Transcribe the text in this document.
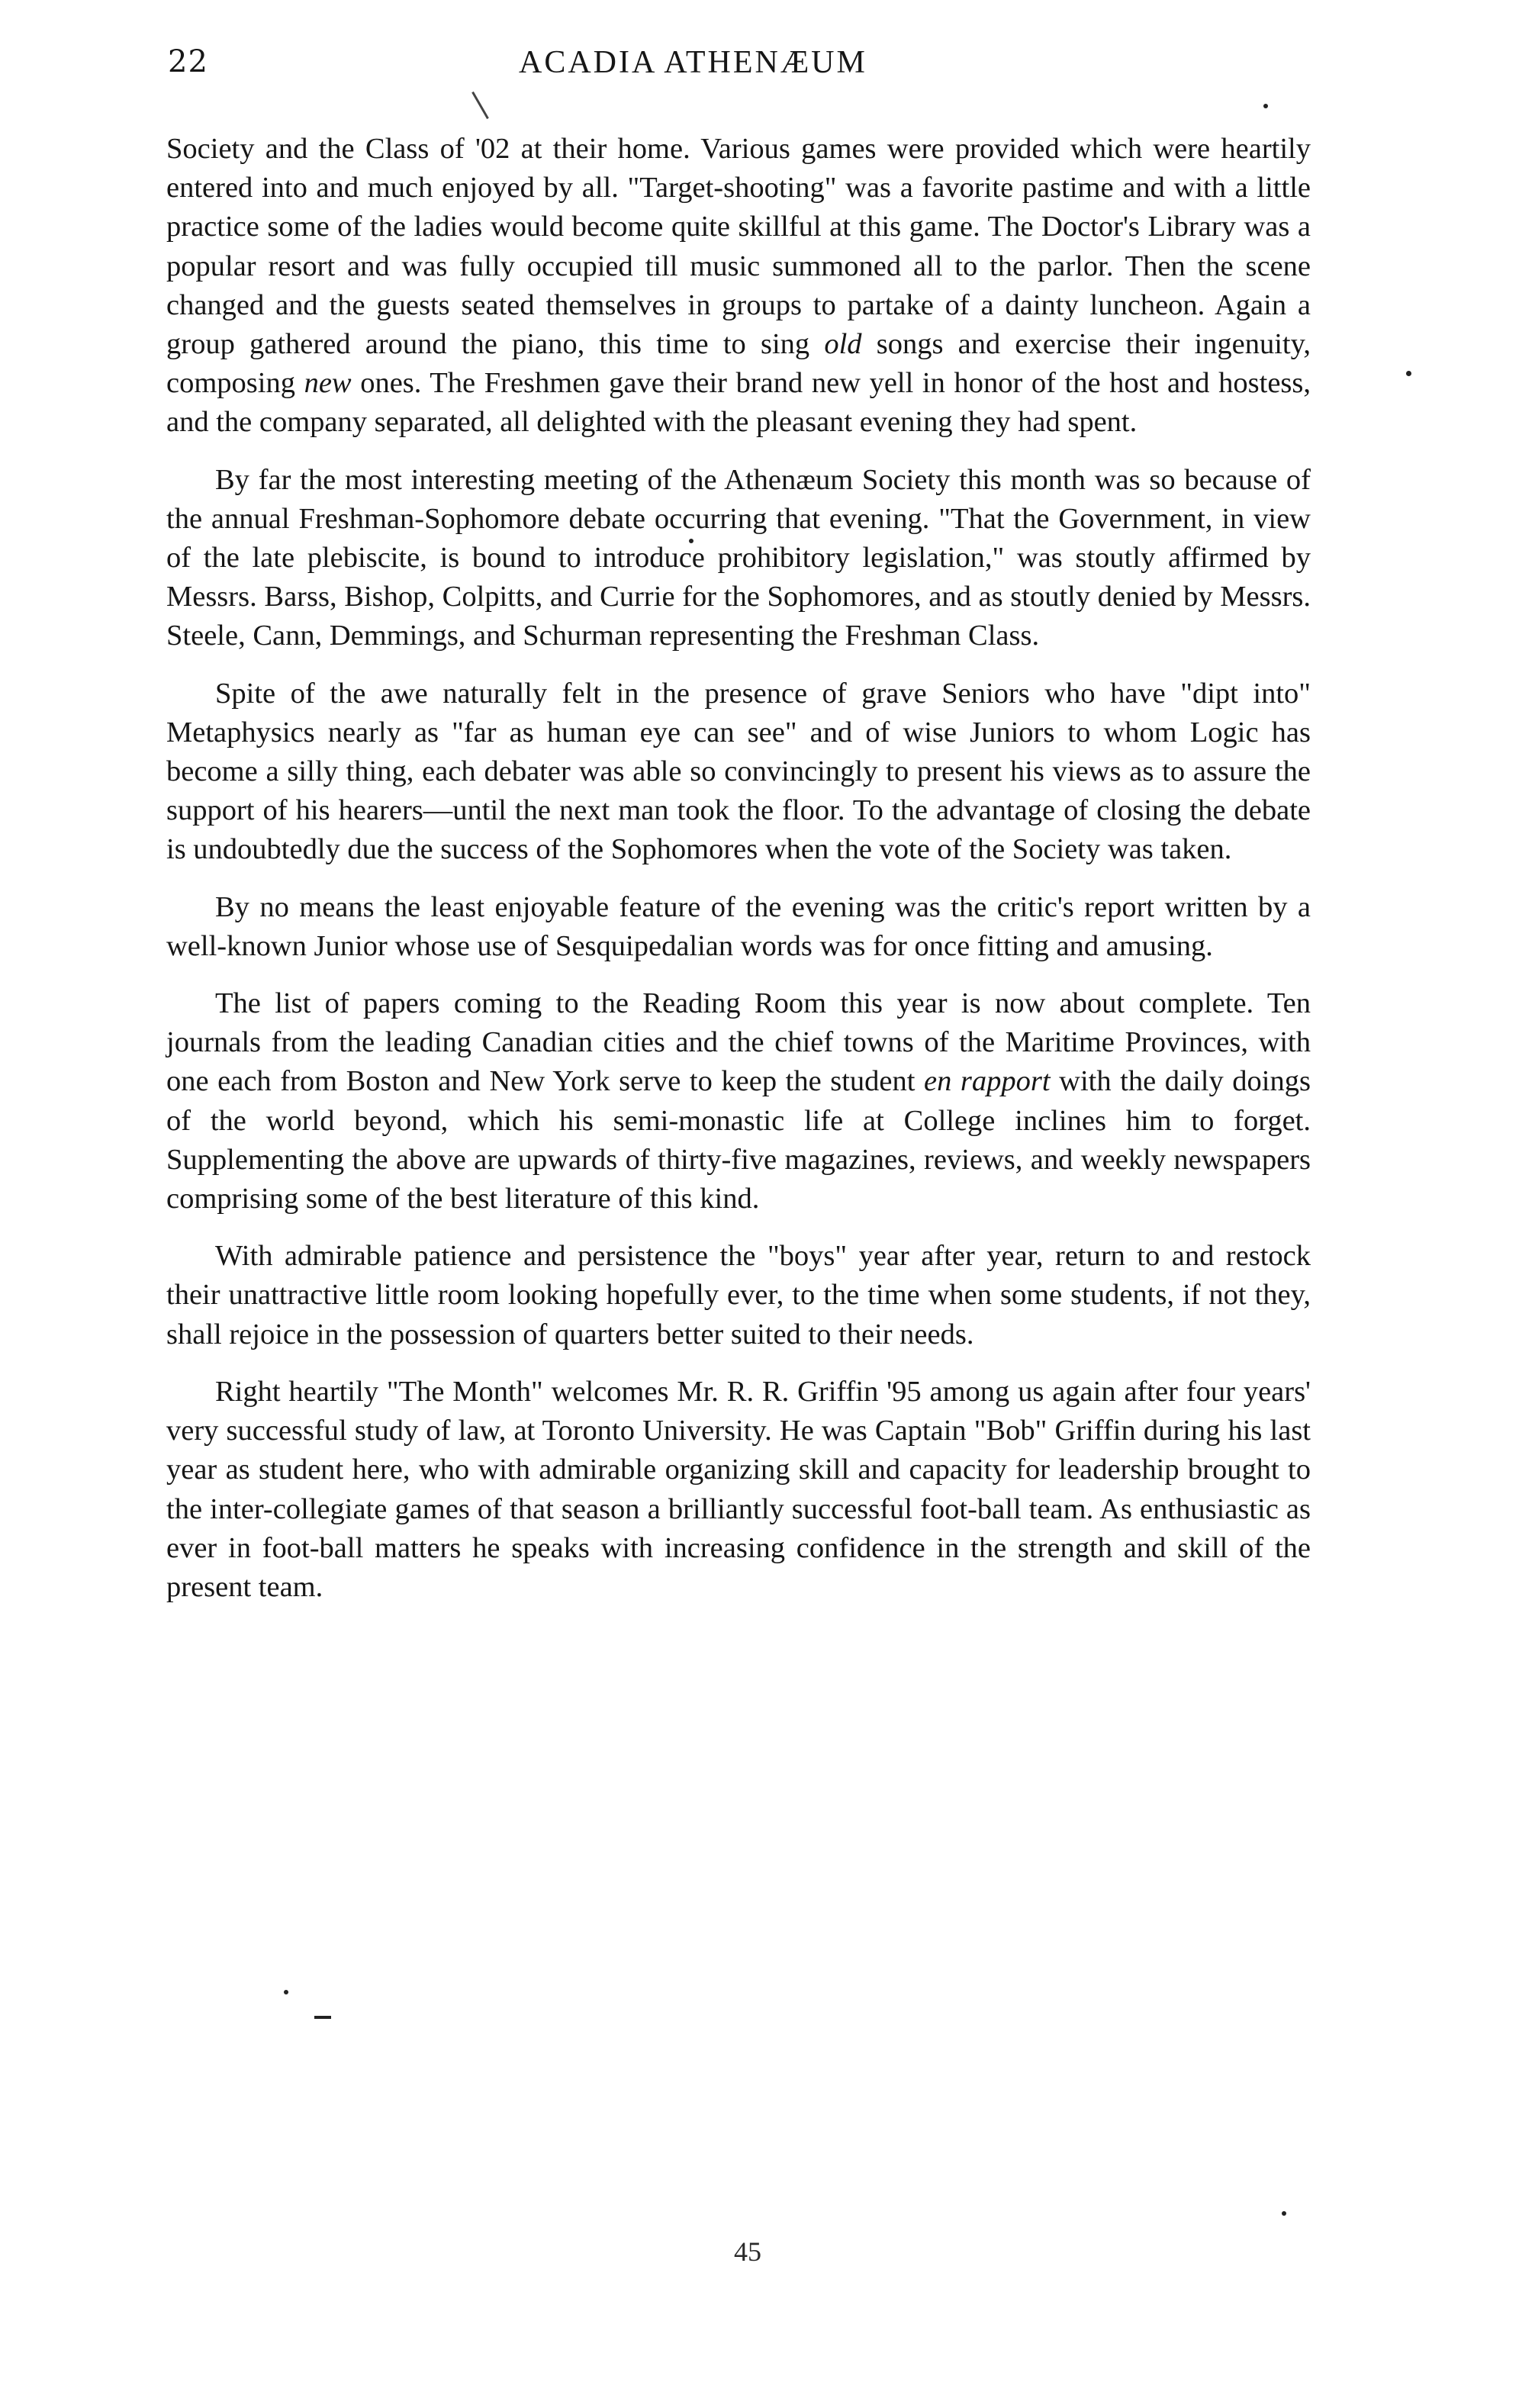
22	ACADIA ATHENÆUM

Society and the Class of '02 at their home. Various games were provided which were heartily entered into and much enjoyed by all. "Target-shooting" was a favorite pastime and with a little practice some of the ladies would become quite skillful at this game. The Doctor's Library was a popular resort and was fully occupied till music summoned all to the parlor. Then the scene changed and the guests seated themselves in groups to partake of a dainty luncheon. Again a group gathered around the piano, this time to sing old songs and exercise their ingenuity, composing new ones. The Freshmen gave their brand new yell in honor of the host and hostess, and the company separated, all delighted with the pleasant evening they had spent.

By far the most interesting meeting of the Athenæum Society this month was so because of the annual Freshman-Sophomore debate occurring that evening. "That the Government, in view of the late plebiscite, is bound to introduce prohibitory legislation," was stoutly affirmed by Messrs. Barss, Bishop, Colpitts, and Currie for the Sophomores, and as stoutly denied by Messrs. Steele, Cann, Demmings, and Schurman representing the Freshman Class.

Spite of the awe naturally felt in the presence of grave Seniors who have "dipt into" Metaphysics nearly as "far as human eye can see" and of wise Juniors to whom Logic has become a silly thing, each debater was able so convincingly to present his views as to assure the support of his hearers—until the next man took the floor. To the advantage of closing the debate is undoubtedly due the success of the Sophomores when the vote of the Society was taken.

By no means the least enjoyable feature of the evening was the critic's report written by a well-known Junior whose use of Sesquipedalian words was for once fitting and amusing.

The list of papers coming to the Reading Room this year is now about complete. Ten journals from the leading Canadian cities and the chief towns of the Maritime Provinces, with one each from Boston and New York serve to keep the student en rapport with the daily doings of the world beyond, which his semi-monastic life at College inclines him to forget. Supplementing the above are upwards of thirty-five magazines, reviews, and weekly newspapers comprising some of the best literature of this kind.

With admirable patience and persistence the "boys" year after year, return to and restock their unattractive little room looking hopefully ever, to the time when some students, if not they, shall rejoice in the possession of quarters better suited to their needs.

Right heartily "The Month" welcomes Mr. R. R. Griffin '95 among us again after four years' very successful study of law, at Toronto University. He was Captain "Bob" Griffin during his last year as student here, who with admirable organizing skill and capacity for leadership brought to the inter-collegiate games of that season a brilliantly successful foot-ball team. As enthusiastic as ever in foot-ball matters he speaks with increasing confidence in the strength and skill of the present team.

45
